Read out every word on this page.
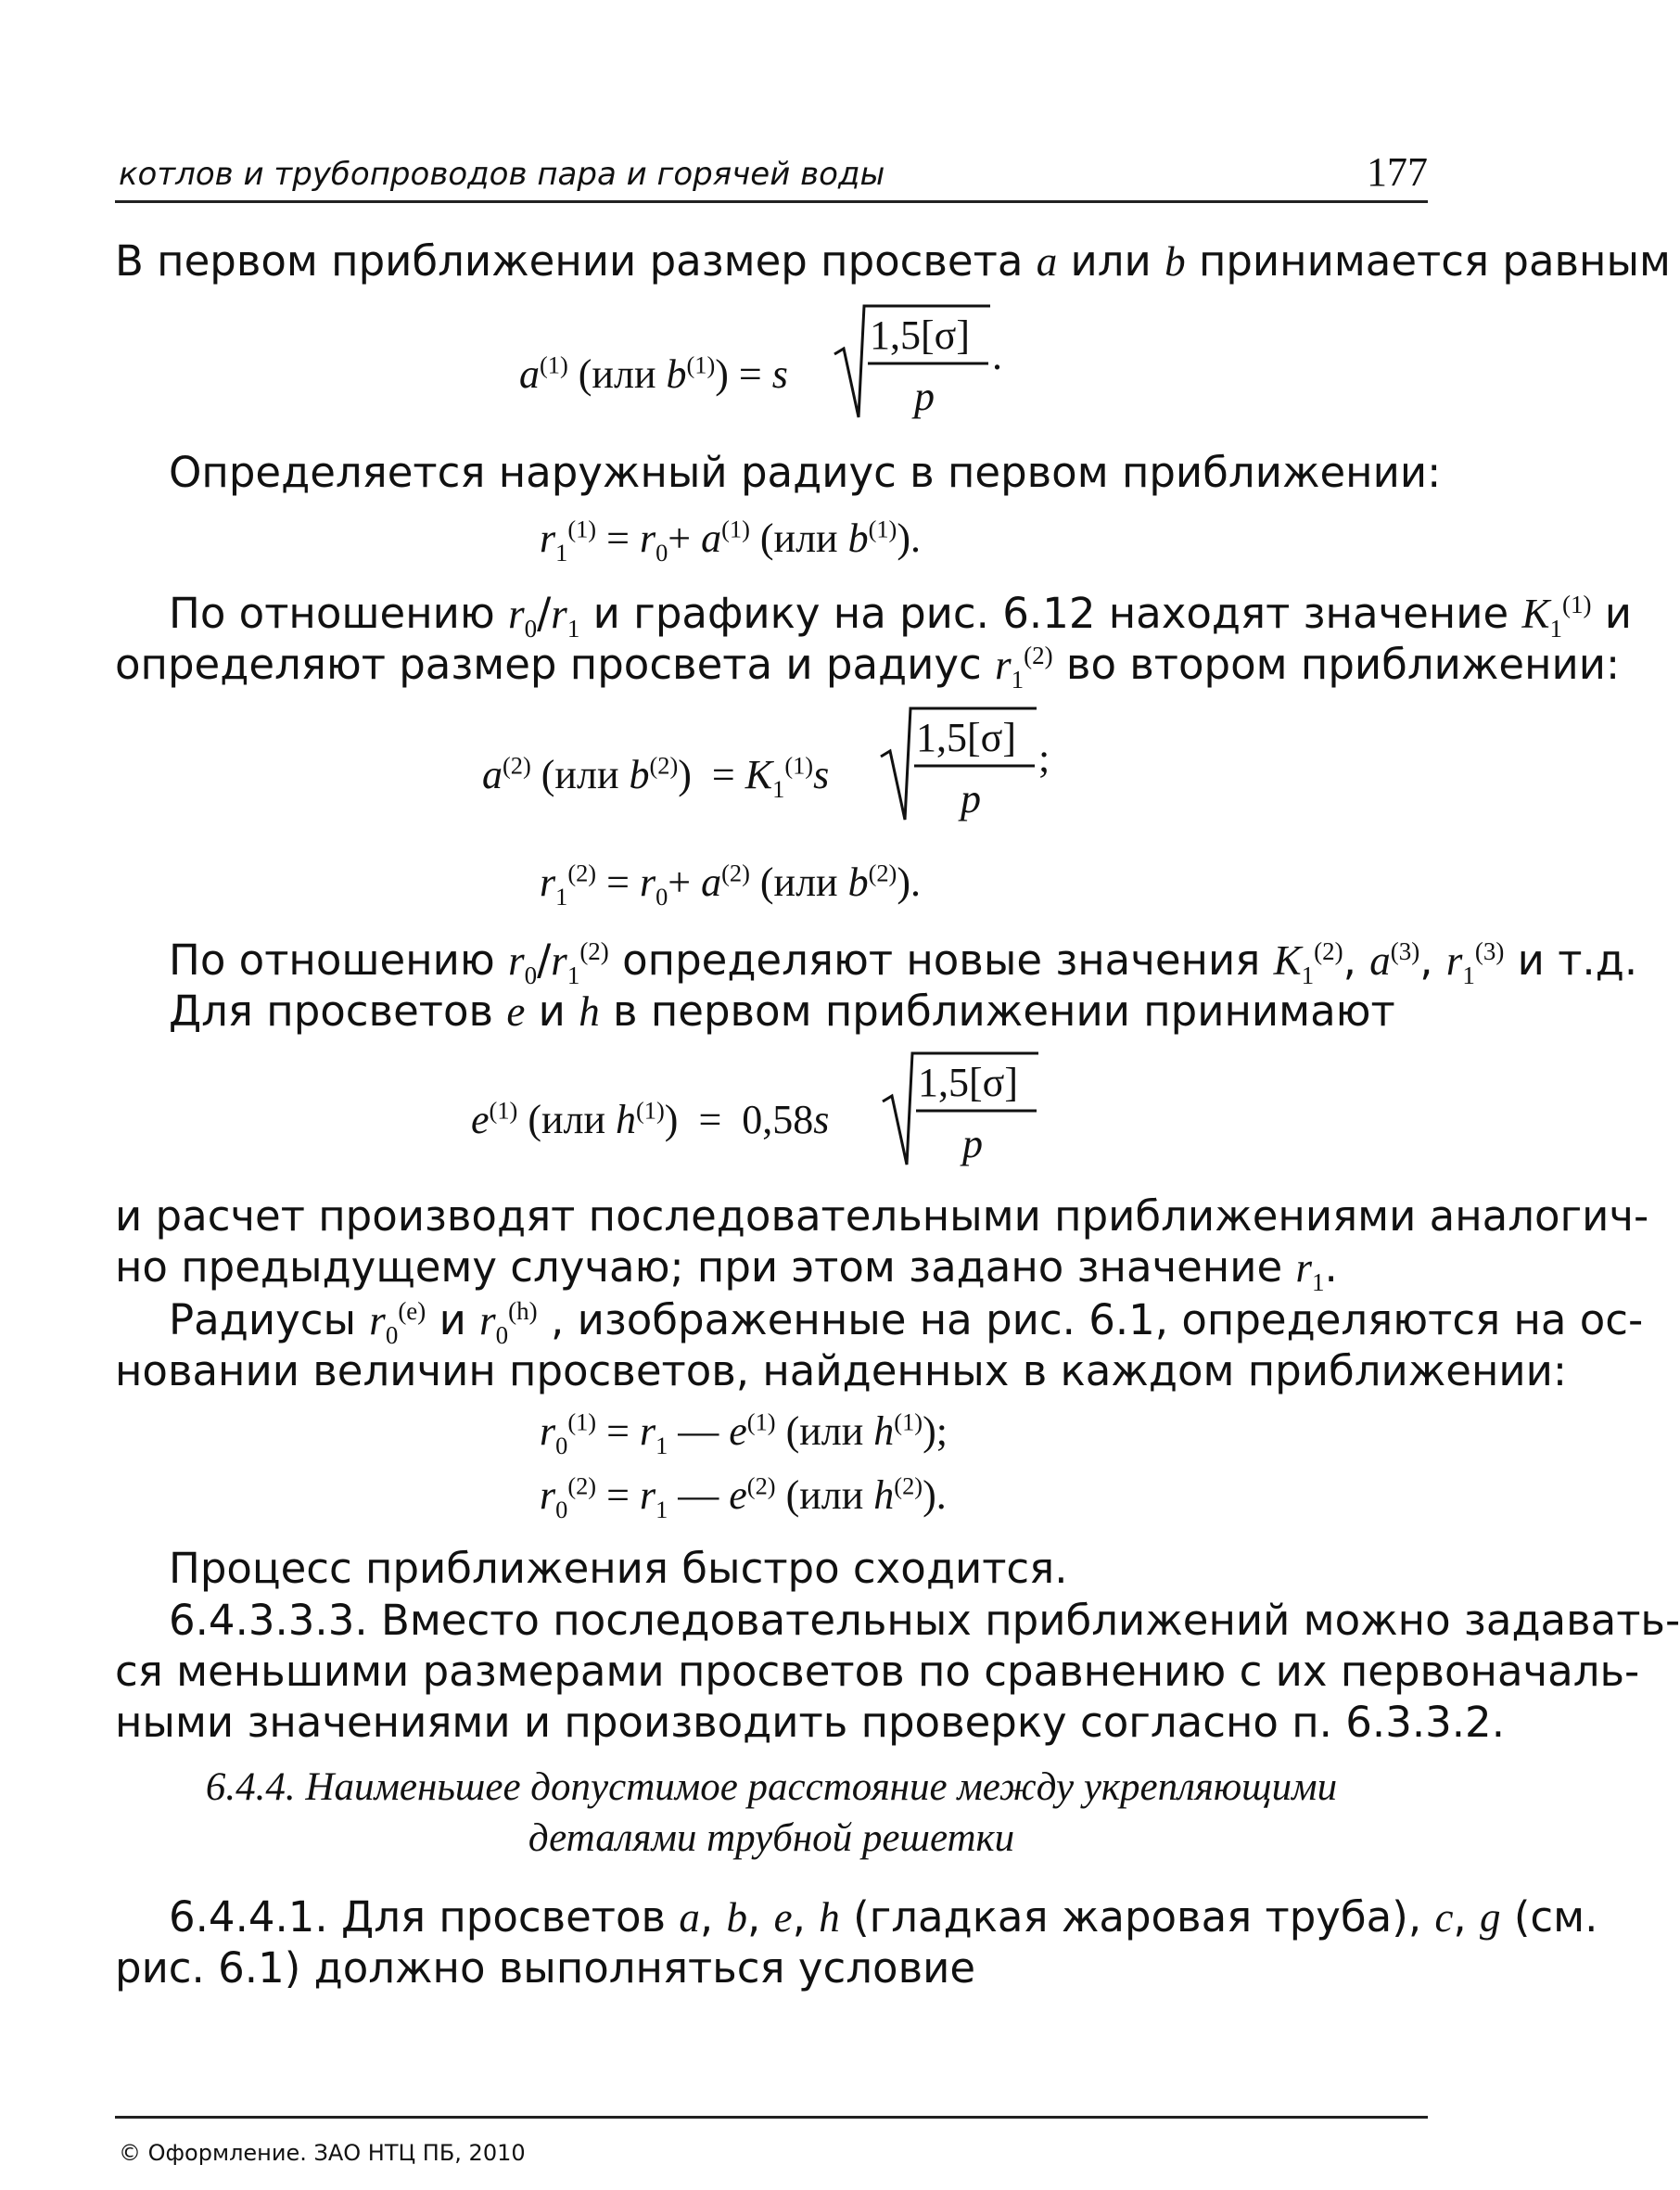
котлов и трубопроводов пара и горячей воды	177
В первом приближении размер просвета a или b принимается равным
$a^{(1)}$ (или $b^{(1)}) = s$
1,5[σ]
p
.
Определяется наружный радиус в первом приближении:
$r_1^{(1)} = r_0+ a^{(1)}$ (или $b^{(1)}$).
По отношению $r_0/r_1$ и графику на рис. 6.12 находят значение $K_1^{(1)}$ и
определяют размер просвета и радиус $r_1^{(2)}$ во втором приближении:
$a^{(2)}$ (или $b^{(2)}) = K_1^{(1)}s$
1,5[σ]
p
;
$r_1^{(2)} = r_0+ a^{(2)}$ (или $b^{(2)}$).
По отношению $r_0/r_1^{(2)}$ определяют новые значения $K_1^{(2)}$, $a^{(3)}$, $r_1^{(3)}$ и т.д.
Для просветов e и h в первом приближении принимают
$e^{(1)}$ (или $h^{(1)}) = 0,58s$
1,5[σ]
p
и расчет производят последовательными приближениями аналогич-
но предыдущему случаю; при этом задано значение $r_1$.
Радиусы $r_0^{(e)}$ и $r_0^{(h)}$ , изображенные на рис. 6.1, определяются на ос-
новании величин просветов, найденных в каждом приближении:
$r_0^{(1)} = r_1$ — $e^{(1)}$ (или $h^{(1)}$);
$r_0^{(2)} = r_1$ — $e^{(2)}$ (или $h^{(2)}$).
Процесс приближения быстро сходится.
6.4.3.3.3. Вместо последовательных приближений можно задавать-
ся меньшими размерами просветов по сравнению с их первоначаль-
ными значениями и производить проверку согласно п. 6.3.3.2.
6.4.4. Наименьшее допустимое расстояние между укрепляющими
деталями трубной решетки
6.4.4.1. Для просветов a, b, e, h (гладкая жаровая труба), c, g (см.
рис. 6.1) должно выполняться условие
© Оформление. ЗАО НТЦ ПБ, 2010
